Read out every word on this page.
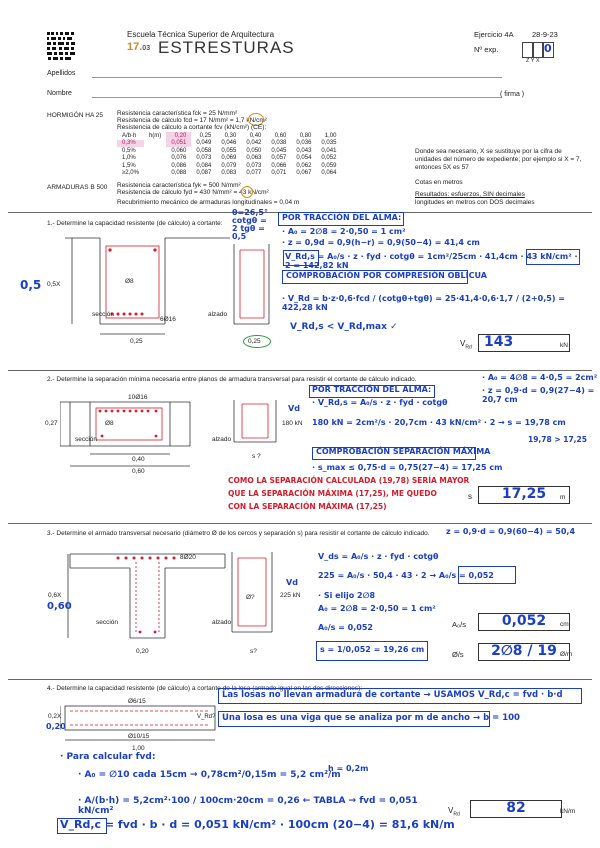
Escuela Técnica Superior de Arquitectura
17.03 ESTRESTURAS
Ejercicio 4A 28-9-23
Nº exp.	0
Z Y X
Apellidos
Nombre	( firma )
HORMIGÓN HA 25 Resistencia característica fck = 25 N/mm²
Resistencia de cálculo fcd = 17 N/mm² = 1,7 kN/cm²
Resistencia de cálculo a cortante fcv (kN/cm²) (CE):
A/b·h	h(m)	0,20	0,25	0,30	0,40	0,60	0,80	1,00
0,3%		0,051	0,049	0,046	0,042	0,038	0,036	0,035
0,5%		0,060	0,058	0,055	0,050	0,045	0,043	0,041
1,0%		0,076	0,073	0,069	0,063	0,057	0,054	0,052
1,5%		0,086	0,084	0,079	0,073	0,066	0,062	0,059
≥2,0%		0,088	0,087	0,083	0,077	0,071	0,067	0,064
ARMADURAS B 500 Resistencia característica fyk = 500 N/mm²
Resistencia de cálculo fyd = 430 N/mm² = 43 kN/cm²
Recubrimiento mecánico de armaduras longitudinales = 0,04 m
Donde sea necesario, X se sustituye por la cifra de unidades del número de expediente; por ejemplo si X = 7, entonces 5X es 57
Cotas en metros
Resultados: esfuerzos, SIN decimales
longitudes en metros con DOS decimales
1.- Determine la capacidad resistente (de cálculo) a cortante:
θ=26,5° cotgθ = 2 tgθ = 0,5
POR TRACCIÓN DEL ALMA:
· A₀ = 2∅8 = 2·0,50 = 1 cm²
· z = 0,9d = 0,9(h−r) = 0,9(50−4) = 41,4 cm
V_Rd,s = A₀/s · z · fyd · cotgθ = 1cm²/25cm · 41,4cm · 43 kN/cm² · 2 = 142,82 kN
COMPROBACIÓN POR COMPRESIÓN OBLICUA
· V_Rd = b·z·0,6·fcd / (cotgθ+tgθ) = 25·41,4·0,6·1,7 / (2+0,5) = 422,28 kN
V_Rd,s < V_Rd,max ✓
0,5 0,5X	Ø8
sección
6Ø16
0,25
alzado
0,25	$V_{Rd}$ 143	kN
2.- Determine la separación mínima necesaria entre planos de armadura transversal para resistir el cortante de cálculo indicado.	· A₀ = 4∅8 = 4·0,5 = 2cm²
· z = 0,9·d = 0,9(27−4) = 20,7 cm
POR TRACCIÓN DEL ALMA:
· V_Rd,s = A₀/s · z · fyd · cotgθ
180 kN = 2cm²/s · 20,7cm · 43 kN/cm² · 2 → s = 19,78 cm
19,78 > 17,25
COMPROBACIÓN SEPARACIÓN MÁXIMA
· s_max ≤ 0,75·d = 0,75(27−4) = 17,25 cm
COMO LA SEPARACIÓN CALCULADA (19,78) SERÍA MAYOR
QUE LA SEPARACIÓN MÁXIMA (17,25), ME QUEDO
CON LA SEPARACIÓN MÁXIMA (17,25)
10Ø16
Ø8
0,27
sección
0,40
0,60
alzado
180 kN
Vd
s ?
s	17,25	m
3.- Determine el armado transversal necesario (diámetro Ø de los cercos y separación s) para resistir el cortante de cálculo indicado. z = 0,9·d = 0,9(60−4) = 50,4
V_ds = A₀/s · z · fyd · cotgθ
225 = A₀/s · 50,4 · 43 · 2 → A₀/s = 0,052
· Si elijo 2∅8
A₀ = 2∅8 = 2·0,50 = 1 cm²
A₀/s = 0,052
s = 1/0,052 = 19,26 cm
8Ø20
0,60
0,6X
sección
0,20
Ø?
alzado
225 kN
Vd
s?
A₀/s	0,052	cm
Ø/s	2∅8 / 19 Ø/m
4.- Determine la capacidad resistente (de cálculo) a cortante de la losa (armado igual en las dos direcciones):
Las losas no llevan armadura de cortante → USAMOS V_Rd,c = fvd · b·d
Una losa es una viga que se analiza por m de ancho → b = 100
Ø6/15
Ø10/15
0,2X
0,20
1,00
V_Rd?
· Para calcular fvd:
· A₀ = ∅10 cada 15cm → 0,78cm²/0,15m = 5,2 cm²/m
h = 0,2m
· A/(b·h) = 5,2cm²·100 / 100cm·20cm = 0,26 ← TABLA → fvd = 0,051 kN/cm²
V_Rd,c = fvd · b · d = 0,051 kN/cm² · 100cm (20−4) = 81,6 kN/m
$V_{Rd}$	82	kN/m
